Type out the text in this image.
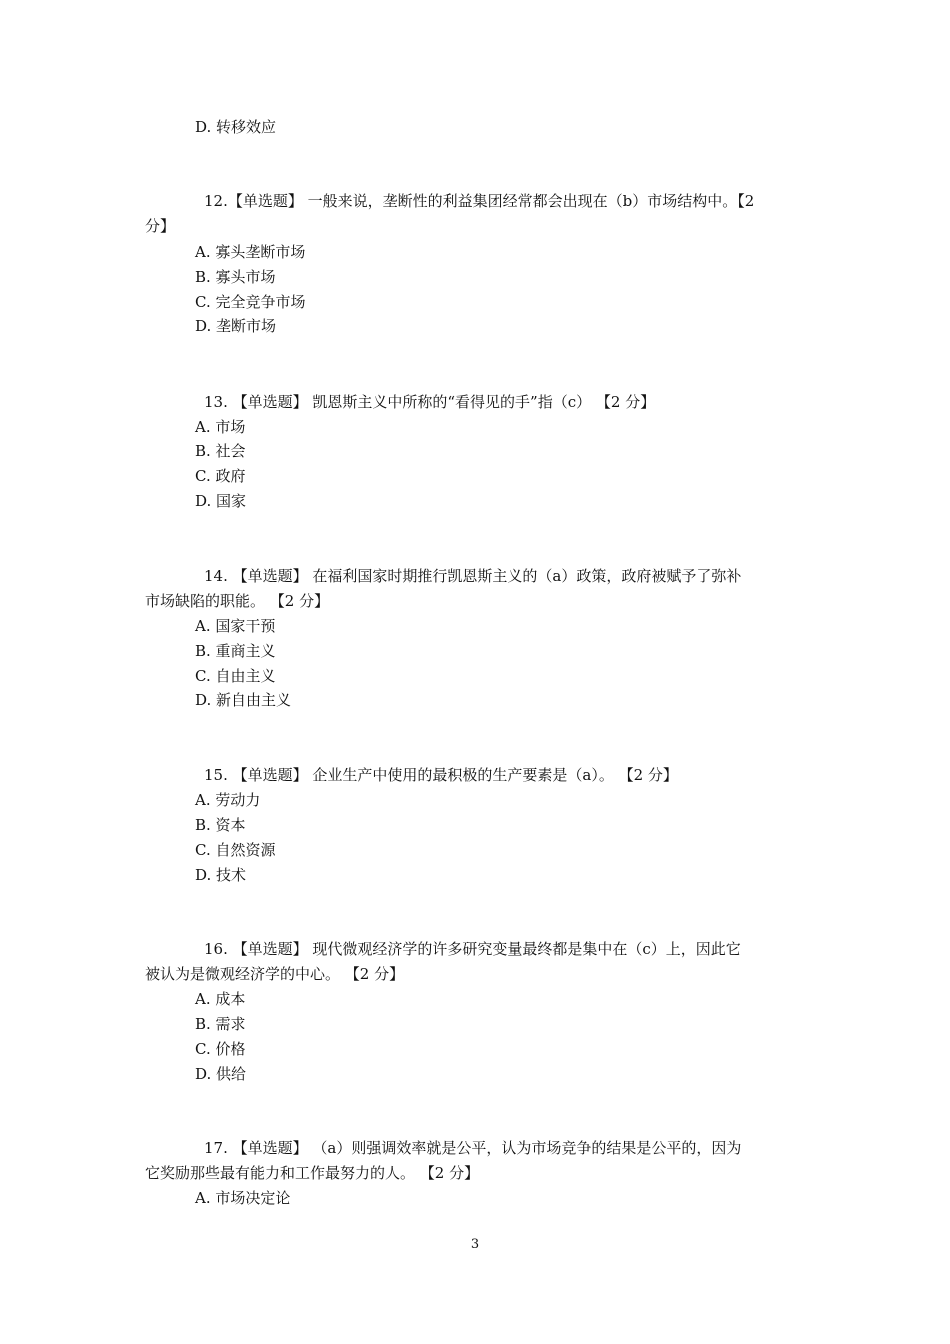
D. 转移效应
12.【单选题】 一般来说，垄断性的利益集团经常都会出现在（b）市场结构中。【2
分】
A. 寡头垄断市场
B. 寡头市场
C. 完全竞争市场
D. 垄断市场
13. 【单选题】 凯恩斯主义中所称的“看得见的手”指（c） 【2 分】
A. 市场
B. 社会
C. 政府
D. 国家
14. 【单选题】 在福利国家时期推行凯恩斯主义的（a）政策，政府被赋予了弥补
市场缺陷的职能。 【2 分】
A. 国家干预
B. 重商主义
C. 自由主义
D. 新自由主义
15. 【单选题】 企业生产中使用的最积极的生产要素是（a）。 【2 分】
A. 劳动力
B. 资本
C. 自然资源
D. 技术
16. 【单选题】 现代微观经济学的许多研究变量最终都是集中在（c）上，因此它
被认为是微观经济学的中心。 【2 分】
A. 成本
B. 需求
C. 价格
D. 供给
17. 【单选题】 （a）则强调效率就是公平，认为市场竞争的结果是公平的，因为
它奖励那些最有能力和工作最努力的人。 【2 分】
A. 市场决定论
3
